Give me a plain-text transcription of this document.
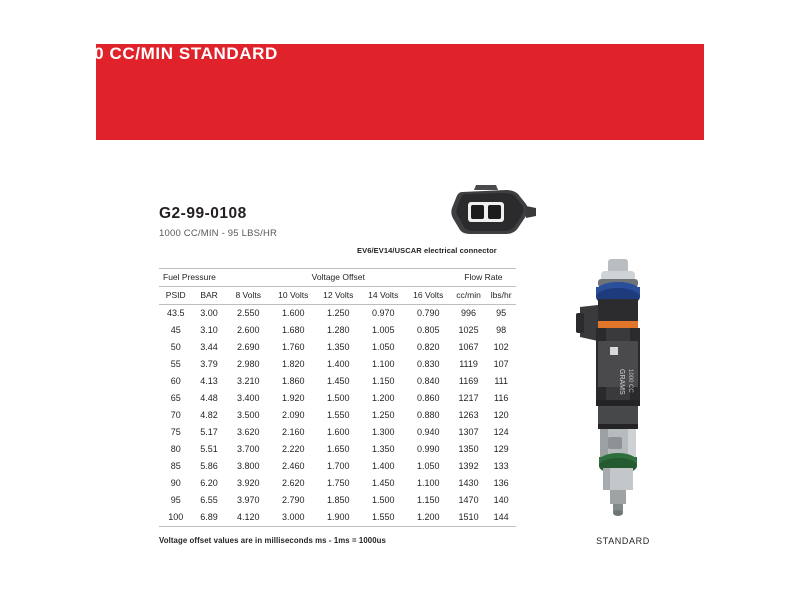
1000 CC/MIN STANDARD
G2-99-0108
1000 CC/MIN - 95 LBS/HR
EV6/EV14/USCAR electrical connector
Fuel Pressure		Voltage Offset					Flow Rate	
PSID	BAR	8 Volts	10 Volts	12 Volts	14 Volts	16 Volts	cc/min	lbs/hr
43.5	3.00	2.550	1.600	1.250	0.970	0.790	996	95
45	3.10	2.600	1.680	1.280	1.005	0.805	1025	98
50	3.44	2.690	1.760	1.350	1.050	0.820	1067	102
55	3.79	2.980	1.820	1.400	1.100	0.830	1119	107
60	4.13	3.210	1.860	1.450	1.150	0.840	1169	111
65	4.48	3.400	1.920	1.500	1.200	0.860	1217	116
70	4.82	3.500	2.090	1.550	1.250	0.880	1263	120
75	5.17	3.620	2.160	1.600	1.300	0.940	1307	124
80	5.51	3.700	2.220	1.650	1.350	0.990	1350	129
85	5.86	3.800	2.460	1.700	1.400	1.050	1392	133
90	6.20	3.920	2.620	1.750	1.450	1.100	1430	136
95	6.55	3.970	2.790	1.850	1.500	1.150	1470	140
100	6.89	4.120	3.000	1.900	1.550	1.200	1510	144
Voltage offset values are in milliseconds ms - 1ms = 1000us
GRAMS 1000 CC
STANDARD
